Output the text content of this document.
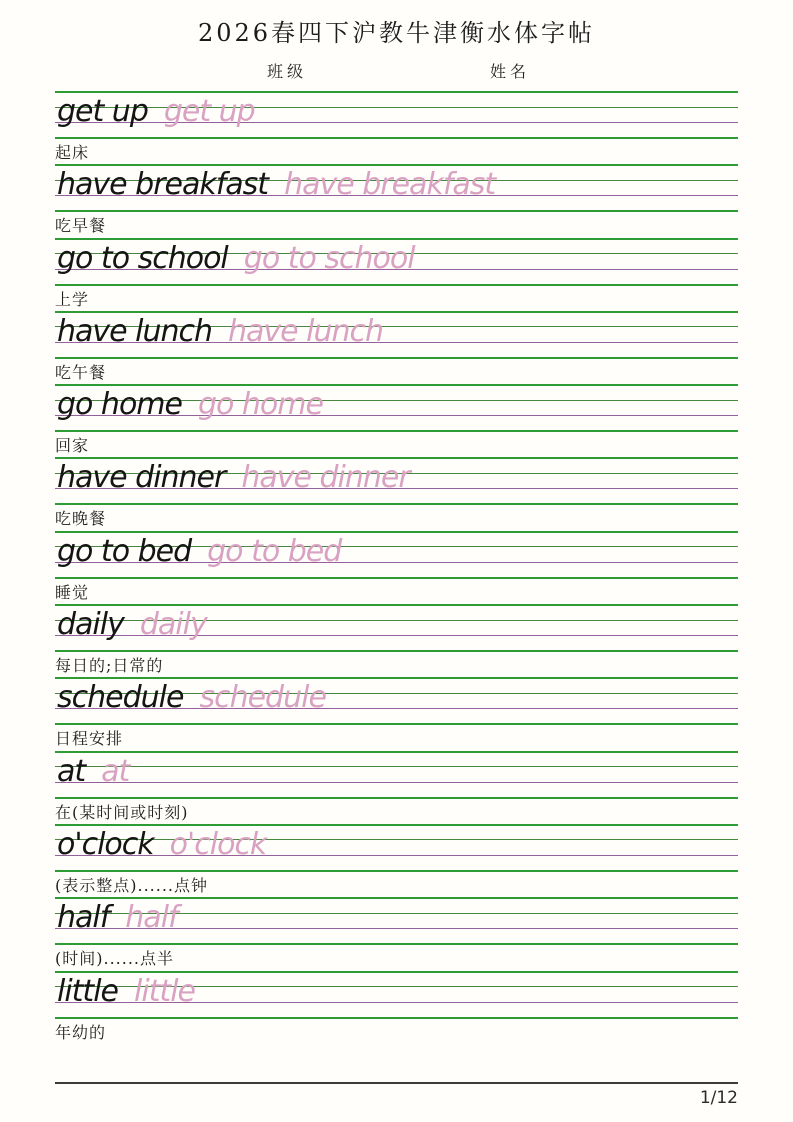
2026春四下沪教牛津衡水体字帖
班级	姓名
get up get up
起床
have breakfast have breakfast
吃早餐
go to school go to school
上学
have lunch have lunch
吃午餐
go home go home
回家
have dinner have dinner
吃晚餐
go to bed go to bed
睡觉
daily daily
每日的;日常的
schedule schedule
日程安排
at at
在(某时间或时刻)
o'clock o'clock
(表示整点)......点钟
half half
(时间)......点半
little little
年幼的
1/12
